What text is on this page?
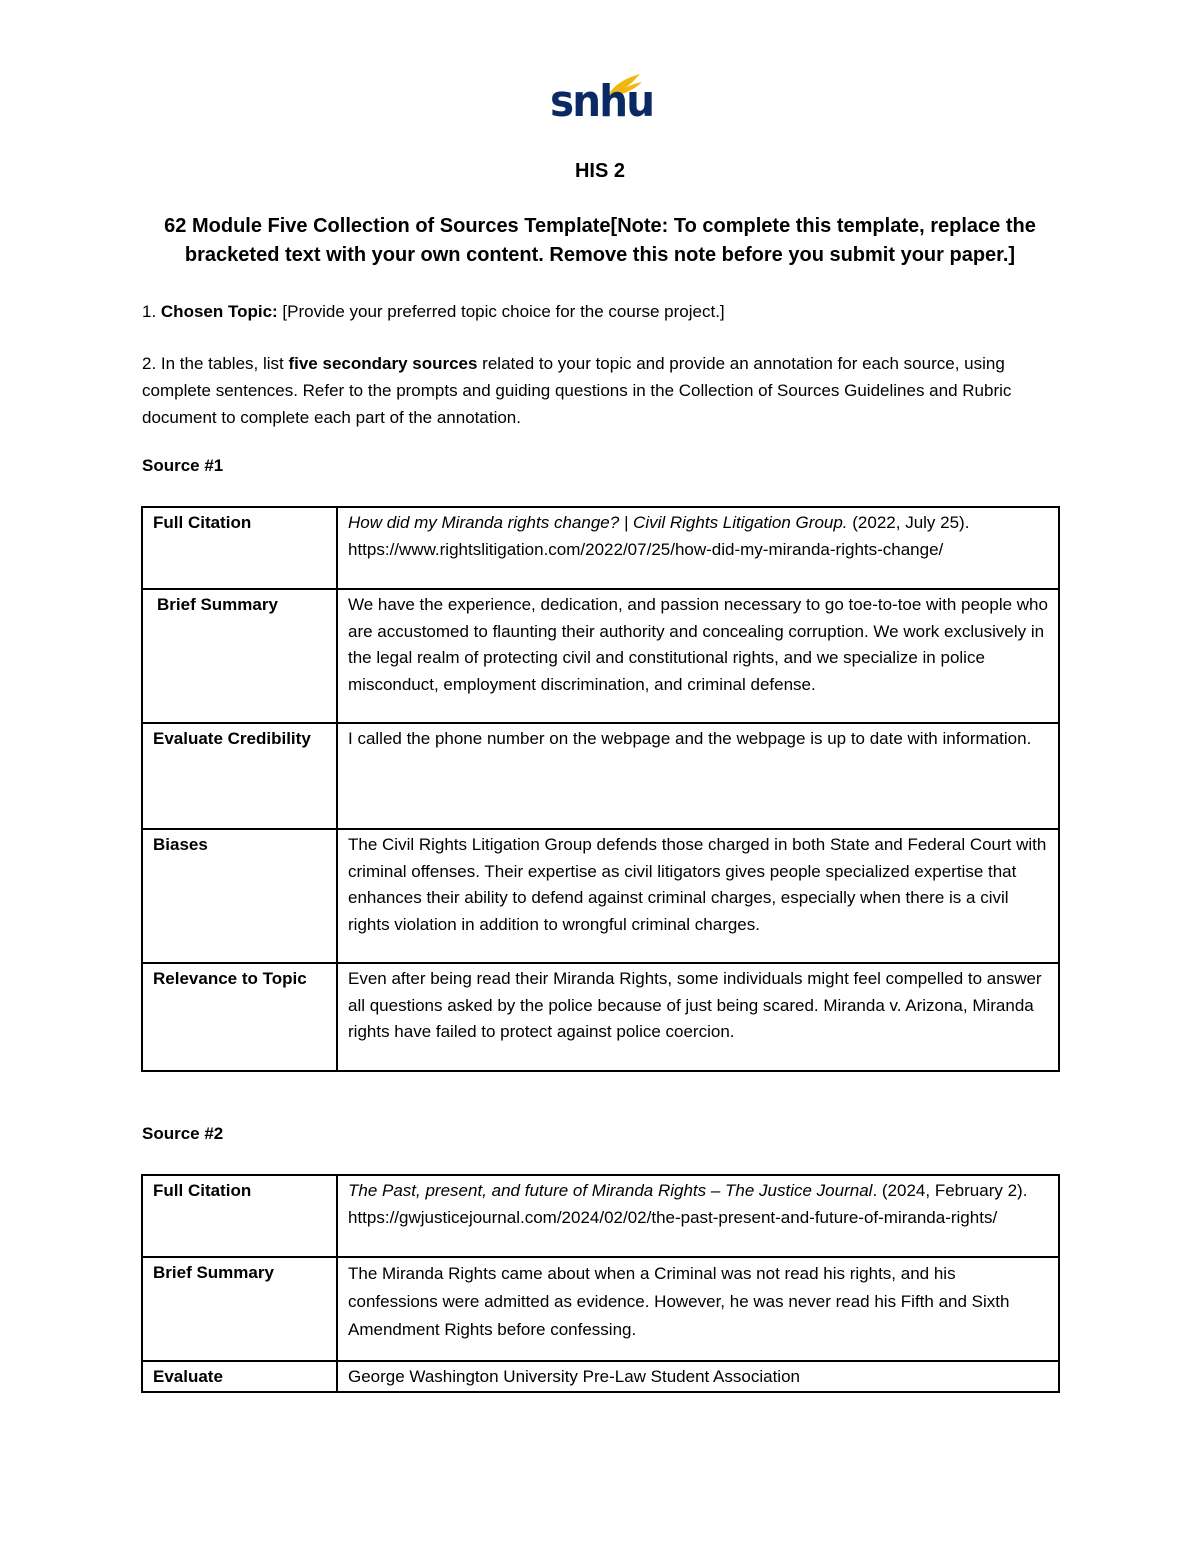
snhu
HIS 2
62 Module Five Collection of Sources Template[Note: To complete this template, replace the bracketed text with your own content. Remove this note before you submit your paper.]
1. Chosen Topic: [Provide your preferred topic choice for the course project.]
2. In the tables, list five secondary sources related to your topic and provide an annotation for each source, using complete sentences. Refer to the prompts and guiding questions in the Collection of Sources Guidelines and Rubric document to complete each part of the annotation.
Source #1
Full Citation	How did my Miranda rights change? | Civil Rights Litigation Group. (2022, July 25). https://www.rightslitigation.com/2022/07/25/how-did-my-miranda-rights-change/
Brief Summary	We have the experience, dedication, and passion necessary to go toe-to-toe with people who are accustomed to flaunting their authority and concealing corruption. We work exclusively in the legal realm of protecting civil and constitutional rights, and we specialize in police misconduct, employment discrimination, and criminal defense.
Evaluate Credibility	I called the phone number on the webpage and the webpage is up to date with information.
Biases	The Civil Rights Litigation Group defends those charged in both State and Federal Court with criminal offenses. Their expertise as civil litigators gives people specialized expertise that enhances their ability to defend against criminal charges, especially when there is a civil rights violation in addition to wrongful criminal charges.
Relevance to Topic	Even after being read their Miranda Rights, some individuals might feel compelled to answer all questions asked by the police because of just being scared. Miranda v. Arizona, Miranda rights have failed to protect against police coercion.
Source #2
Full Citation	The Past, present, and future of Miranda Rights – The Justice Journal. (2024, February 2). https://gwjusticejournal.com/2024/02/02/the-past-present-and-future-of-miranda-rights/
Brief Summary	The Miranda Rights came about when a Criminal was not read his rights, and his confessions were admitted as evidence. However, he was never read his Fifth and Sixth Amendment Rights before confessing.
Evaluate	George Washington University Pre-Law Student Association
